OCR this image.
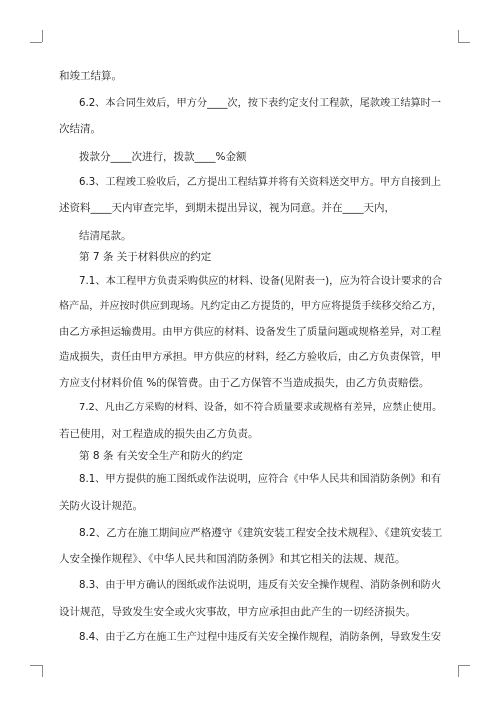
和竣工结算。
6.2、本合同生效后，甲方分____次，按下表约定支付工程款，尾款竣工结算时一
次结清。
拨款分____次进行，拨款____%金额
6.3、工程竣工验收后，乙方提出工程结算并将有关资料送交甲方。甲方自接到上
述资料____天内审查完毕，到期未提出异议，视为同意。并在____天内，
结清尾款。
第 7 条 关于材料供应的约定
7.1、本工程甲方负责采购供应的材料、设备(见附表一)，应为符合设计要求的合
格产品，并应按时供应到现场。凡约定由乙方提货的，甲方应将提货手续移交给乙方，
由乙方承担运输费用。由甲方供应的材料、设备发生了质量问题或规格差异，对工程
造成损失，责任由甲方承担。甲方供应的材料，经乙方验收后，由乙方负责保管，甲
方应支付材料价值 %的保管费。由于乙方保管不当造成损失，由乙方负责赔偿。
7.2、凡由乙方采购的材料、设备，如不符合质量要求或规格有差异，应禁止使用。
若已使用，对工程造成的损失由乙方负责。
第 8 条 有关安全生产和防火的约定
8.1、甲方提供的施工图纸或作法说明，应符合《中华人民共和国消防条例》和有
关防火设计规范。
8.2、乙方在施工期间应严格遵守《建筑安装工程安全技术规程》、《建筑安装工
人安全操作规程》、《中华人民共和国消防条例》和其它相关的法规、规范。
8.3、由于甲方确认的图纸或作法说明，违反有关安全操作规程、消防条例和防火
设计规范，导致发生安全或火灾事故，甲方应承担由此产生的一切经济损失。
8.4、由于乙方在施工生产过程中违反有关安全操作规程，消防条例，导致发生安
